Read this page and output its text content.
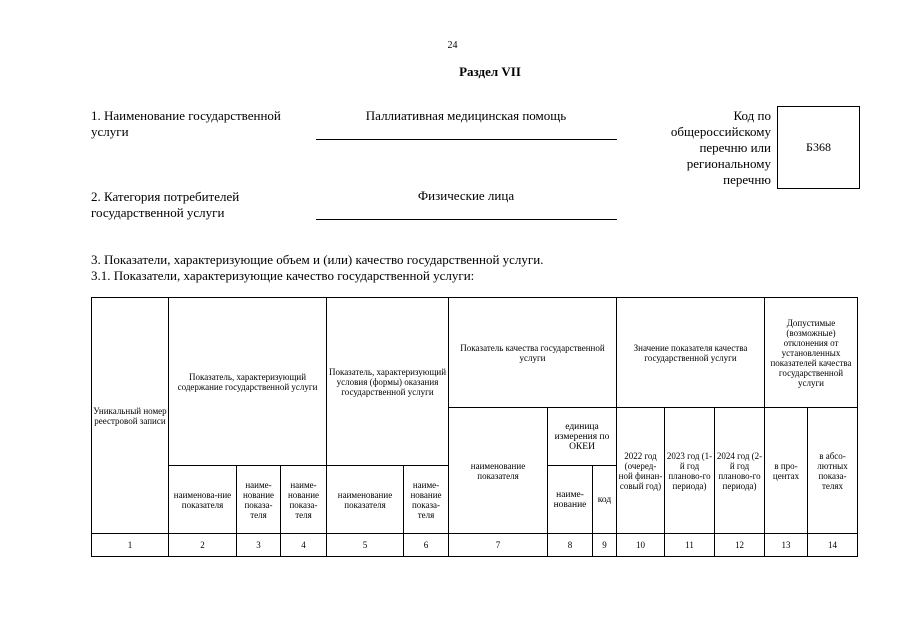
24
Раздел VII
1. Наименование государственной услуги
Паллиативная медицинская помощь	Код по общероссийскому перечню или региональному перечню
Б368
2. Категория потребителей государственной услуги
Физические лица
3. Показатели, характеризующие объем и (или) качество государственной услуги.
3.1. Показатели, характеризующие качество государственной услуги:
Уникальный номер реестровой записи	Показатель, характеризующий содержание государственной услуги			Показатель, характеризующий условия (формы) оказания государственной услуги		Показатель качества государственной услуги			Значение показателя качества государственной услуги			Допустимые (возможные) отклонения от установленных показателей качества государственной услуги	
						наименование показателя	единица измерения по ОКЕИ		2022 год (очеред-ной финан-совый год)	2023 год (1-й год планово-го периода)	2024 год (2-й год планово-го периода)	в про-центах	в абсо-лютных показа-телях
	наименова-ние показателя	наиме-нование показа-теля	наиме-нование показа-теля	наименование показателя	наиме-нование показа-теля		наиме-нование	код					
1	2	3	4	5	6	7	8	9	10	11	12	13	14
